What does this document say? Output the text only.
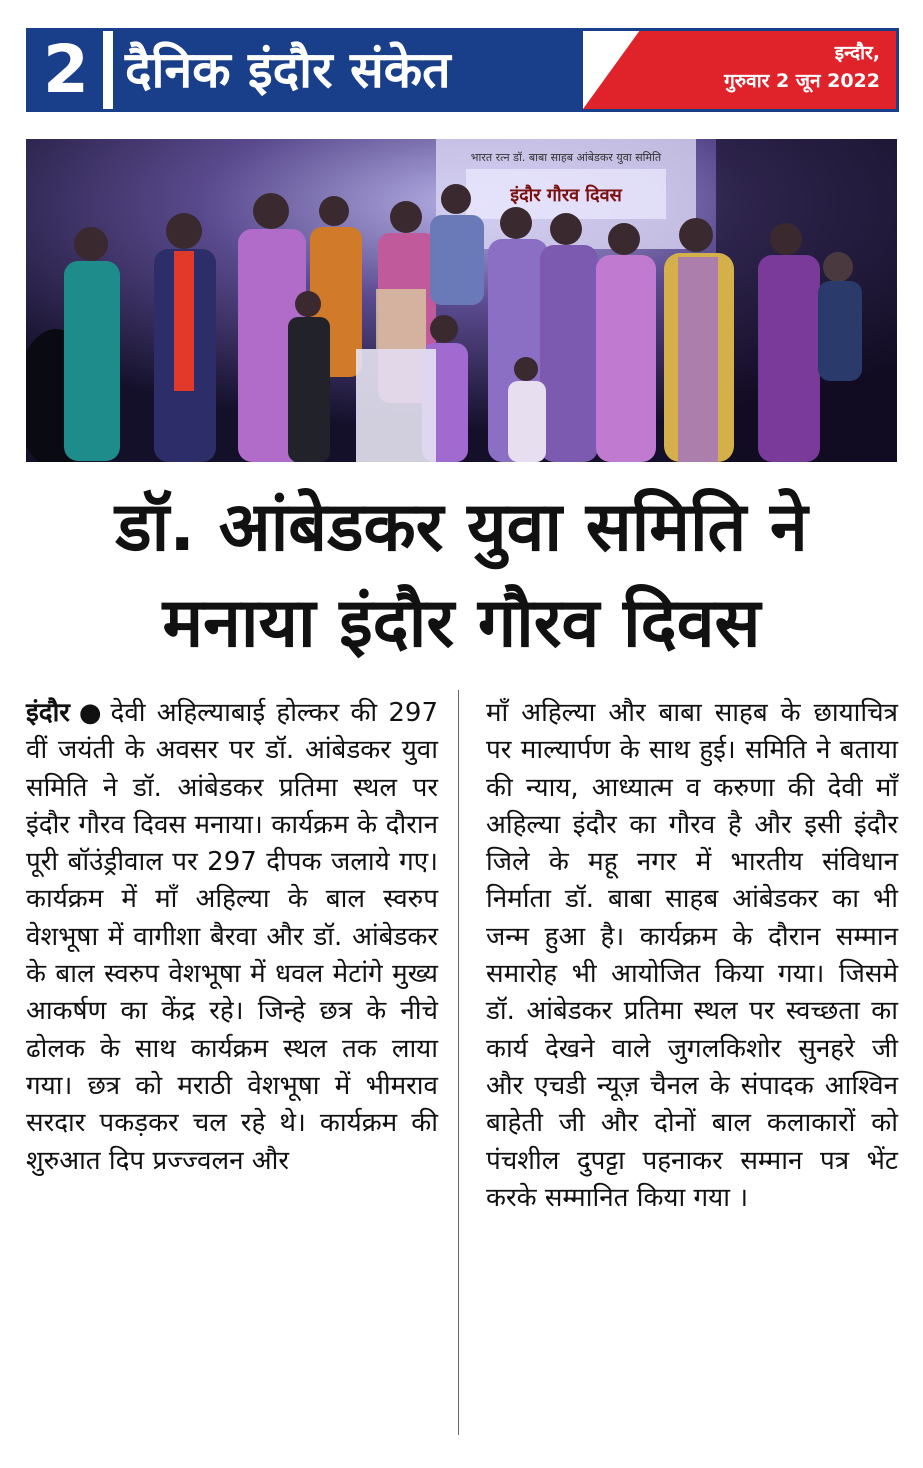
2 दैनिक इंदौर संकेत	इन्दौर,
गुरुवार 2 जून 2022
भारत रत्न डॉ. बाबा साहब आंबेडकर युवा समिति
इंदौर गौरव दिवस
डॉ. आंबेडकर युवा समिति ने
मनाया इंदौर गौरव दिवस
इंदौर ● देवी अहिल्याबाई होल्कर की 297 वीं जयंती के अवसर पर डॉ. आंबेडकर युवा समिति ने डॉ. आंबेडकर प्रतिमा स्थल पर इंदौर गौरव दिवस मनाया। कार्यक्रम के दौरान पूरी बॉउंड्रीवाल पर 297 दीपक जलाये गए। कार्यक्रम में माँ अहिल्या के बाल स्वरुप वेशभूषा में वागीशा बैरवा और डॉ. आंबेडकर के बाल स्वरुप वेशभूषा में धवल मेटांगे मुख्य आकर्षण का केंद्र रहे। जिन्हे छत्र के नीचे ढोलक के साथ कार्यक्रम स्थल तक लाया गया। छत्र को मराठी वेशभूषा में भीमराव सरदार पकड़कर चल रहे थे। कार्यक्रम की शुरुआत दिप प्रज्ज्वलन और
माँ अहिल्या और बाबा साहब के छायाचित्र पर माल्यार्पण के साथ हुई। समिति ने बताया की न्याय, आध्यात्म व करुणा की देवी माँ अहिल्या इंदौर का गौरव है और इसी इंदौर जिले के महू नगर में भारतीय संविधान निर्माता डॉ. बाबा साहब आंबेडकर का भी जन्म हुआ है। कार्यक्रम के दौरान सम्मान समारोह भी आयोजित किया गया। जिसमे डॉ. आंबेडकर प्रतिमा स्थल पर स्वच्छता का कार्य देखने वाले जुगलकिशोर सुनहरे जी और एचडी न्यूज़ चैनल के संपादक आश्विन बाहेती जी और दोनों बाल कलाकारों को पंचशील दुपट्टा पहनाकर सम्मान पत्र भेंट करके सम्मानित किया गया ।
